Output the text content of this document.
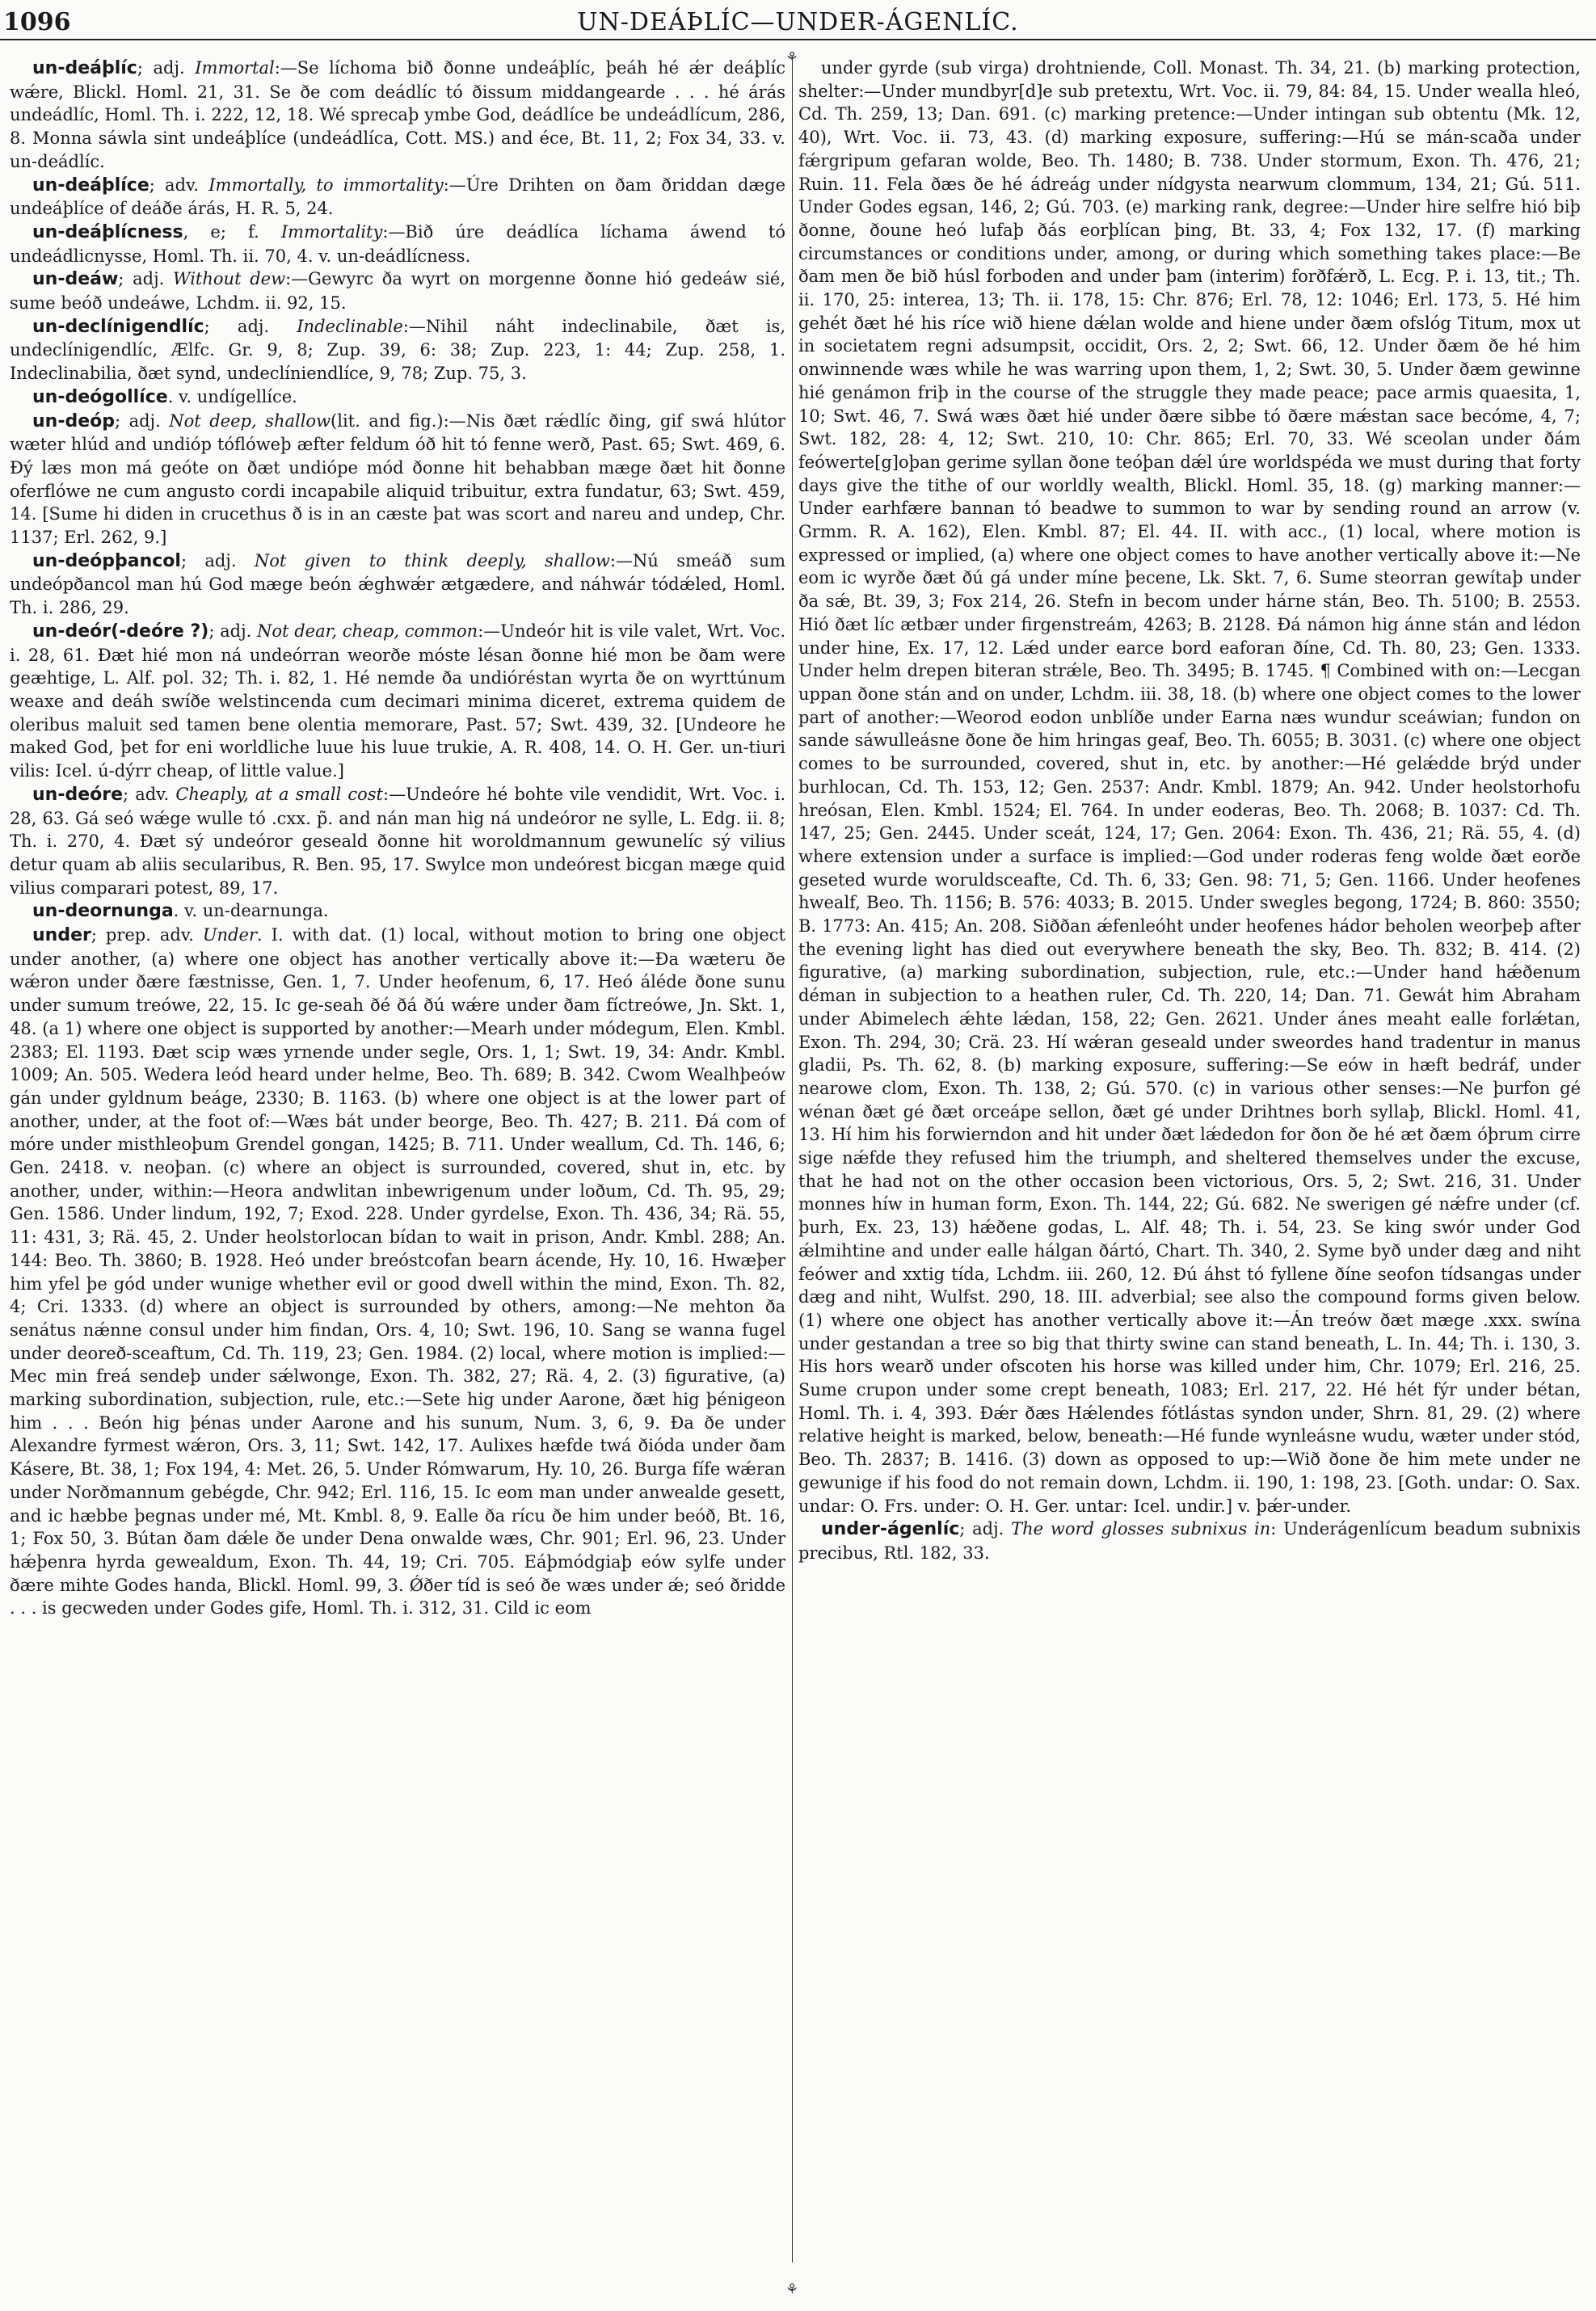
1096	UN-DEÁÞLÍC—UNDER-ÁGENLÍC.
⚘
⚘

un-deáþlíc; adj. Immortal:—Se líchoma bið ðonne undeáþlíc, þeáh hé ǽr deáþlíc wǽre, Blickl. Homl. 21, 31. Se ðe com deádlíc tó ðissum middangearde . . . hé árás undeádlíc, Homl. Th. i. 222, 12, 18. Wé sprecaþ ymbe God, deádlíce be undeádlícum, 286, 8. Monna sáwla sint undeáþlíce (undeádlíca, Cott. MS.) and éce, Bt. 11, 2; Fox 34, 33. v. un-deádlíc.

un-deáþlíce; adv. Immortally, to immortality:—Úre Drihten on ðam ðriddan dæge undeáþlíce of deáðe árás, H. R. 5, 24.

un-deáþlícness, e; f. Immortality:—Bið úre deádlíca líchama áwend tó undeádlicnysse, Homl. Th. ii. 70, 4. v. un-deádlícness.

un-deáw; adj. Without dew:—Gewyrc ða wyrt on morgenne ðonne hió gedeáw sié, sume beóð undeáwe, Lchdm. ii. 92, 15.

un-declínigendlíc; adj. Indeclinable:—Nihil náht indeclinabile, ðæt is, undeclínigendlíc, Ælfc. Gr. 9, 8; Zup. 39, 6: 38; Zup. 223, 1: 44; Zup. 258, 1. Indeclinabilia, ðæt synd, undeclíniendlíce, 9, 78; Zup. 75, 3.

un-deógollíce. v. undígellíce.

un-deóp; adj. Not deep, shallow(lit. and fig.):—Nis ðæt rǽdlíc ðing, gif swá hlútor wæter hlúd and undióp tóflóweþ æfter feldum óð hit tó fenne werð, Past. 65; Swt. 469, 6. Ðý læs mon má geóte on ðæt undiópe mód ðonne hit behabban mæge ðæt hit ðonne oferflówe ne cum angusto cordi incapabile aliquid tribuitur, extra fundatur, 63; Swt. 459, 14. [Sume hi diden in crucethus ð is in an cæste þat was scort and nareu and undep, Chr. 1137; Erl. 262, 9.]

un-deópþancol; adj. Not given to think deeply, shallow:—Nú smeáð sum undeópðancol man hú God mæge beón ǽghwǽr ætgædere, and náhwár tódǽled, Homl. Th. i. 286, 29.

un-deór(-deóre ?); adj. Not dear, cheap, common:—Undeór hit is vile valet, Wrt. Voc. i. 28, 61. Ðæt hié mon ná undeórran weorðe móste lésan ðonne hié mon be ðam were geæhtige, L. Alf. pol. 32; Th. i. 82, 1. Hé nemde ða undióréstan wyrta ðe on wyrttúnum weaxe and deáh swíðe welstincenda cum decimari minima diceret, extrema quidem de oleribus maluit sed tamen bene olentia memorare, Past. 57; Swt. 439, 32. [Undeore he maked God, þet for eni worldliche luue his luue trukie, A. R. 408, 14. O. H. Ger. un-tiuri vilis: Icel. ú-dýrr cheap, of little value.]

un-deóre; adv. Cheaply, at a small cost:—Undeóre hé bohte vile vendidit, Wrt. Voc. i. 28, 63. Gá seó wǽge wulle tó .cxx. p̃. and nán man hig ná undeóror ne sylle, L. Edg. ii. 8; Th. i. 270, 4. Ðæt sý undeóror geseald ðonne hit woroldmannum gewunelíc sý vilius detur quam ab aliis secularibus, R. Ben. 95, 17. Swylce mon undeórest bicgan mæge quid vilius comparari potest, 89, 17.

un-deornunga. v. un-dearnunga.

under; prep. adv. Under. I. with dat. (1) local, without motion to bring one object under another, (a) where one object has another vertically above it:—Ða wæteru ðe wǽron under ðære fæstnisse, Gen. 1, 7. Under heofenum, 6, 17. Heó áléde ðone sunu under sumum treówe, 22, 15. Ic ge-seah ðé ðá ðú wǽre under ðam fíctreówe, Jn. Skt. 1, 48. (a 1) where one object is supported by another:—Mearh under módegum, Elen. Kmbl. 2383; El. 1193. Ðæt scip wæs yrnende under segle, Ors. 1, 1; Swt. 19, 34: Andr. Kmbl. 1009; An. 505. Wedera leód heard under helme, Beo. Th. 689; B. 342. Cwom Wealhþeów gán under gyldnum beáge, 2330; B. 1163. (b) where one object is at the lower part of another, under, at the foot of:—Wæs bát under beorge, Beo. Th. 427; B. 211. Ðá com of móre under misthleoþum Grendel gongan, 1425; B. 711. Under weallum, Cd. Th. 146, 6; Gen. 2418. v. neoþan. (c) where an object is surrounded, covered, shut in, etc. by another, under, within:—Heora andwlitan inbewrigenum under loðum, Cd. Th. 95, 29; Gen. 1586. Under lindum, 192, 7; Exod. 228. Under gyrdelse, Exon. Th. 436, 34; Rä. 55, 11: 431, 3; Rä. 45, 2. Under heolstorlocan bídan to wait in prison, Andr. Kmbl. 288; An. 144: Beo. Th. 3860; B. 1928. Heó under breóstcofan bearn ácende, Hy. 10, 16. Hwæþer him yfel þe gód under wunige whether evil or good dwell within the mind, Exon. Th. 82, 4; Cri. 1333. (d) where an object is surrounded by others, among:—Ne mehton ða senátus nǽnne consul under him findan, Ors. 4, 10; Swt. 196, 10. Sang se wanna fugel under deoreð-sceaftum, Cd. Th. 119, 23; Gen. 1984. (2) local, where motion is implied:—Mec min freá sendeþ under sǽlwonge, Exon. Th. 382, 27; Rä. 4, 2. (3) figurative, (a) marking subordination, subjection, rule, etc.:—Sete hig under Aarone, ðæt hig þénigeon him . . . Beón hig þénas under Aarone and his sunum, Num. 3, 6, 9. Ða ðe under Alexandre fyrmest wǽron, Ors. 3, 11; Swt. 142, 17. Aulixes hæfde twá ðióda under ðam Kásere, Bt. 38, 1; Fox 194, 4: Met. 26, 5. Under Rómwarum, Hy. 10, 26. Burga fífe wǽran under Norðmannum gebégde, Chr. 942; Erl. 116, 15. Ic eom man under anwealde gesett, and ic hæbbe þegnas under mé, Mt. Kmbl. 8, 9. Ealle ða rícu ðe him under beóð, Bt. 16, 1; Fox 50, 3. Bútan ðam dǽle ðe under Dena onwalde wæs, Chr. 901; Erl. 96, 23. Under hǽþenra hyrda gewealdum, Exon. Th. 44, 19; Cri. 705. Eáþmódgiaþ eów sylfe under ðære mihte Godes handa, Blickl. Homl. 99, 3. Ǿðer tíd is seó ðe wæs under ǽ; seó ðridde . . . is gecweden under Godes gife, Homl. Th. i. 312, 31. Cild ic eom

under gyrde (sub virga) drohtniende, Coll. Monast. Th. 34, 21. (b) marking protection, shelter:—Under mundbyr[d]e sub pretextu, Wrt. Voc. ii. 79, 84: 84, 15. Under wealla hleó, Cd. Th. 259, 13; Dan. 691. (c) marking pretence:—Under intingan sub obtentu (Mk. 12, 40), Wrt. Voc. ii. 73, 43. (d) marking exposure, suffering:—Hú se mán-scaða under fǽrgripum gefaran wolde, Beo. Th. 1480; B. 738. Under stormum, Exon. Th. 476, 21; Ruin. 11. Fela ðæs ðe hé ádreág under nídgysta nearwum clommum, 134, 21; Gú. 511. Under Godes egsan, 146, 2; Gú. 703. (e) marking rank, degree:—Under hire selfre hió biþ ðonne, ðoune heó lufaþ ðás eorþlícan þing, Bt. 33, 4; Fox 132, 17. (f) marking circumstances or conditions under, among, or during which something takes place:—Be ðam men ðe bið húsl forboden and under þam (interim) forðfǽrð, L. Ecg. P. i. 13, tit.; Th. ii. 170, 25: interea, 13; Th. ii. 178, 15: Chr. 876; Erl. 78, 12: 1046; Erl. 173, 5. Hé him gehét ðæt hé his ríce wið hiene dǽlan wolde and hiene under ðæm ofslóg Titum, mox ut in societatem regni adsumpsit, occidit, Ors. 2, 2; Swt. 66, 12. Under ðæm ðe hé him onwinnende wæs while he was warring upon them, 1, 2; Swt. 30, 5. Under ðæm gewinne hié genámon friþ in the course of the struggle they made peace; pace armis quaesita, 1, 10; Swt. 46, 7. Swá wæs ðæt hié under ðære sibbe tó ðære mǽstan sace becóme, 4, 7; Swt. 182, 28: 4, 12; Swt. 210, 10: Chr. 865; Erl. 70, 33. Wé sceolan under ðám feówerte[g]oþan gerime syllan ðone teóþan dǽl úre worldspéda we must during that forty days give the tithe of our worldly wealth, Blickl. Homl. 35, 18. (g) marking manner:—Under earhfære bannan tó beadwe to summon to war by sending round an arrow (v. Grmm. R. A. 162), Elen. Kmbl. 87; El. 44. II. with acc., (1) local, where motion is expressed or implied, (a) where one object comes to have another vertically above it:—Ne eom ic wyrðe ðæt ðú gá under míne þecene, Lk. Skt. 7, 6. Sume steorran gewítaþ under ða sǽ, Bt. 39, 3; Fox 214, 26. Stefn in becom under hárne stán, Beo. Th. 5100; B. 2553. Hió ðæt líc ætbær under firgenstreám, 4263; B. 2128. Ðá námon hig ánne stán and lédon under hine, Ex. 17, 12. Lǽd under earce bord eaforan ðíne, Cd. Th. 80, 23; Gen. 1333. Under helm drepen biteran strǽle, Beo. Th. 3495; B. 1745. ¶ Combined with on:—Lecgan uppan ðone stán and on under, Lchdm. iii. 38, 18. (b) where one object comes to the lower part of another:—Weorod eodon unblíðe under Earna næs wundur sceáwian; fundon on sande sáwulleásne ðone ðe him hringas geaf, Beo. Th. 6055; B. 3031. (c) where one object comes to be surrounded, covered, shut in, etc. by another:—Hé gelǽdde brýd under burhlocan, Cd. Th. 153, 12; Gen. 2537: Andr. Kmbl. 1879; An. 942. Under heolstorhofu hreósan, Elen. Kmbl. 1524; El. 764. In under eoderas, Beo. Th. 2068; B. 1037: Cd. Th. 147, 25; Gen. 2445. Under sceát, 124, 17; Gen. 2064: Exon. Th. 436, 21; Rä. 55, 4. (d) where extension under a surface is implied:—God under roderas feng wolde ðæt eorðe geseted wurde woruldsceafte, Cd. Th. 6, 33; Gen. 98: 71, 5; Gen. 1166. Under heofenes hwealf, Beo. Th. 1156; B. 576: 4033; B. 2015. Under swegles begong, 1724; B. 860: 3550; B. 1773: An. 415; An. 208. Siððan ǽfenleóht under heofenes hádor beholen weorþeþ after the evening light has died out everywhere beneath the sky, Beo. Th. 832; B. 414. (2) figurative, (a) marking subordination, subjection, rule, etc.:—Under hand hǽðenum déman in subjection to a heathen ruler, Cd. Th. 220, 14; Dan. 71. Gewát him Abraham under Abimelech ǽhte lǽdan, 158, 22; Gen. 2621. Under ánes meaht ealle forlǽtan, Exon. Th. 294, 30; Crä. 23. Hí wǽran geseald under sweordes hand tradentur in manus gladii, Ps. Th. 62, 8. (b) marking exposure, suffering:—Se eów in hæft bedráf, under nearowe clom, Exon. Th. 138, 2; Gú. 570. (c) in various other senses:—Ne þurfon gé wénan ðæt gé ðæt orceápe sellon, ðæt gé under Drihtnes borh syllaþ, Blickl. Homl. 41, 13. Hí him his forwierndon and hit under ðæt lǽdedon for ðon ðe hé æt ðæm óþrum cirre sige nǽfde they refused him the triumph, and sheltered themselves under the excuse, that he had not on the other occasion been victorious, Ors. 5, 2; Swt. 216, 31. Under monnes híw in human form, Exon. Th. 144, 22; Gú. 682. Ne swerigen gé nǽfre under (cf. þurh, Ex. 23, 13) hǽðene godas, L. Alf. 48; Th. i. 54, 23. Se king swór under God ǽlmihtine and under ealle hálgan ðártó, Chart. Th. 340, 2. Syme byð under dæg and niht feówer and xxtig tída, Lchdm. iii. 260, 12. Ðú áhst tó fyllene ðíne seofon tídsangas under dæg and niht, Wulfst. 290, 18. III. adverbial; see also the compound forms given below. (1) where one object has another vertically above it:—Án treów ðæt mæge .xxx. swína under gestandan a tree so big that thirty swine can stand beneath, L. In. 44; Th. i. 130, 3. His hors wearð under ofscoten his horse was killed under him, Chr. 1079; Erl. 216, 25. Sume crupon under some crept beneath, 1083; Erl. 217, 22. Hé hét fýr under bétan, Homl. Th. i. 4, 393. Ðǽr ðæs Hǽlendes fótlástas syndon under, Shrn. 81, 29. (2) where relative height is marked, below, beneath:—Hé funde wynleásne wudu, wæter under stód, Beo. Th. 2837; B. 1416. (3) down as opposed to up:—Wið ðone ðe him mete under ne gewunige if his food do not remain down, Lchdm. ii. 190, 1: 198, 23. [Goth. undar: O. Sax. undar: O. Frs. under: O. H. Ger. untar: Icel. undir.] v. þǽr-under.

under-ágenlíc; adj. The word glosses subnixus in: Underágenlícum beadum subnixis precibus, Rtl. 182, 33.
